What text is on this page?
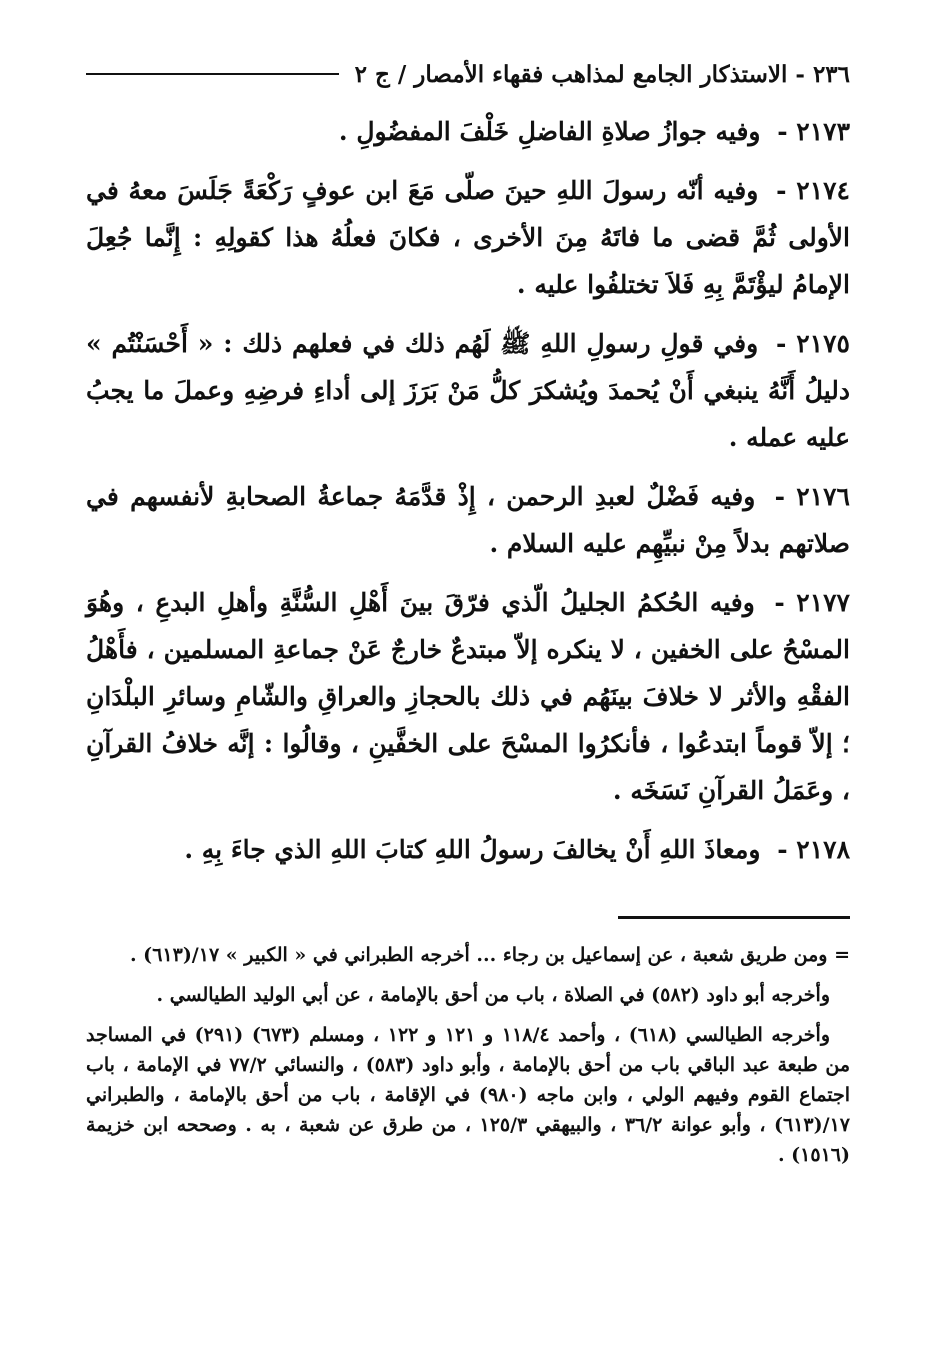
٢٣٦ - الاستذكار الجامع لمذاهب فقهاء الأمصار / ج ٢

٢١٧٣ - وفيه جوازُ صلاةِ الفاضلِ خَلْفَ المفضُولِ .

٢١٧٤ - وفيه أنّه رسولَ اللهِ حينَ صلّى مَعَ ابن عوفٍ رَكْعَةً جَلَسَ معهُ في الأولى ثُمَّ قضى ما فاتَهُ مِنَ الأخرى ، فكانَ فعلُهُ هذا كقولِهِ : إِنَّما جُعِلَ الإمامُ ليؤْتَمَّ بِهِ فَلاَ تختلفُوا عليه .

٢١٧٥ - وفي قولِ رسولِ اللهِ ﷺ لَهُم ذلك في فعلهم ذلك : « أَحْسَنْتُم » دليلُ أَنَّهُ ينبغي أَنْ يُحمدَ ويُشكرَ كلُّ مَنْ بَرَزَ إلى أداءِ فرضِهِ وعملَ ما يجبُ عليه عمله .

٢١٧٦ - وفيه فَضْلٌ لعبدِ الرحمن ، إِذْ قدَّمَهُ جماعةُ الصحابةِ لأنفسهم في صلاتهم بدلاً مِنْ نبيِّهِم عليه السلام .

٢١٧٧ - وفيه الحُكمُ الجليلُ الّذي فرّقَ بينَ أَهْلِ السُّنَّةِ وأهلِ البدعِ ، وهُوَ المسْحُ على الخفين ، لا ينكره إلاّ مبتدعٌ خارجٌ عَنْ جماعةِ المسلمين ، فأَهْلُ الفقْهِ والأثر لا خلافَ بينَهُم في ذلك بالحجازِ والعراقِ والشّامِ وسائرِ البلْدَانِ ؛ إلاّ قوماً ابتدعُوا ، فأنكرُوا المسْحَ على الخفَّينِ ، وقالُوا : إنَّه خلافُ القرآنِ ، وعَمَلُ القرآنِ نَسَخَه .

٢١٧٨ - ومعاذَ اللهِ أَنْ يخالفَ رسولُ اللهِ كتابَ اللهِ الذي جاءَ بِهِ .

= ومن طريق شعبة ، عن إسماعيل بن رجاء ... أخرجه الطبراني في « الكبير » ١٧/(٦١٣) .

وأخرجه أبو داود (٥٨٢) في الصلاة ، باب من أحق بالإمامة ، عن أبي الوليد الطيالسي .

وأخرجه الطيالسي (٦١٨) ، وأحمد ١١٨/٤ و ١٢١ و ١٢٢ ، ومسلم (٦٧٣) (٢٩١) في المساجد من طبعة عبد الباقي باب من أحق بالإمامة ، وأبو داود (٥٨٣) ، والنسائي ٧٧/٢ في الإمامة ، باب اجتماع القوم وفيهم الولي ، وابن ماجه (٩٨٠) في الإقامة ، باب من أحق بالإمامة ، والطبراني ١٧/(٦١٣) ، وأبو عوانة ٣٦/٢ ، والبيهقي ١٢٥/٣ ، من طرق عن شعبة ، به . وصححه ابن خزيمة (١٥١٦) .
